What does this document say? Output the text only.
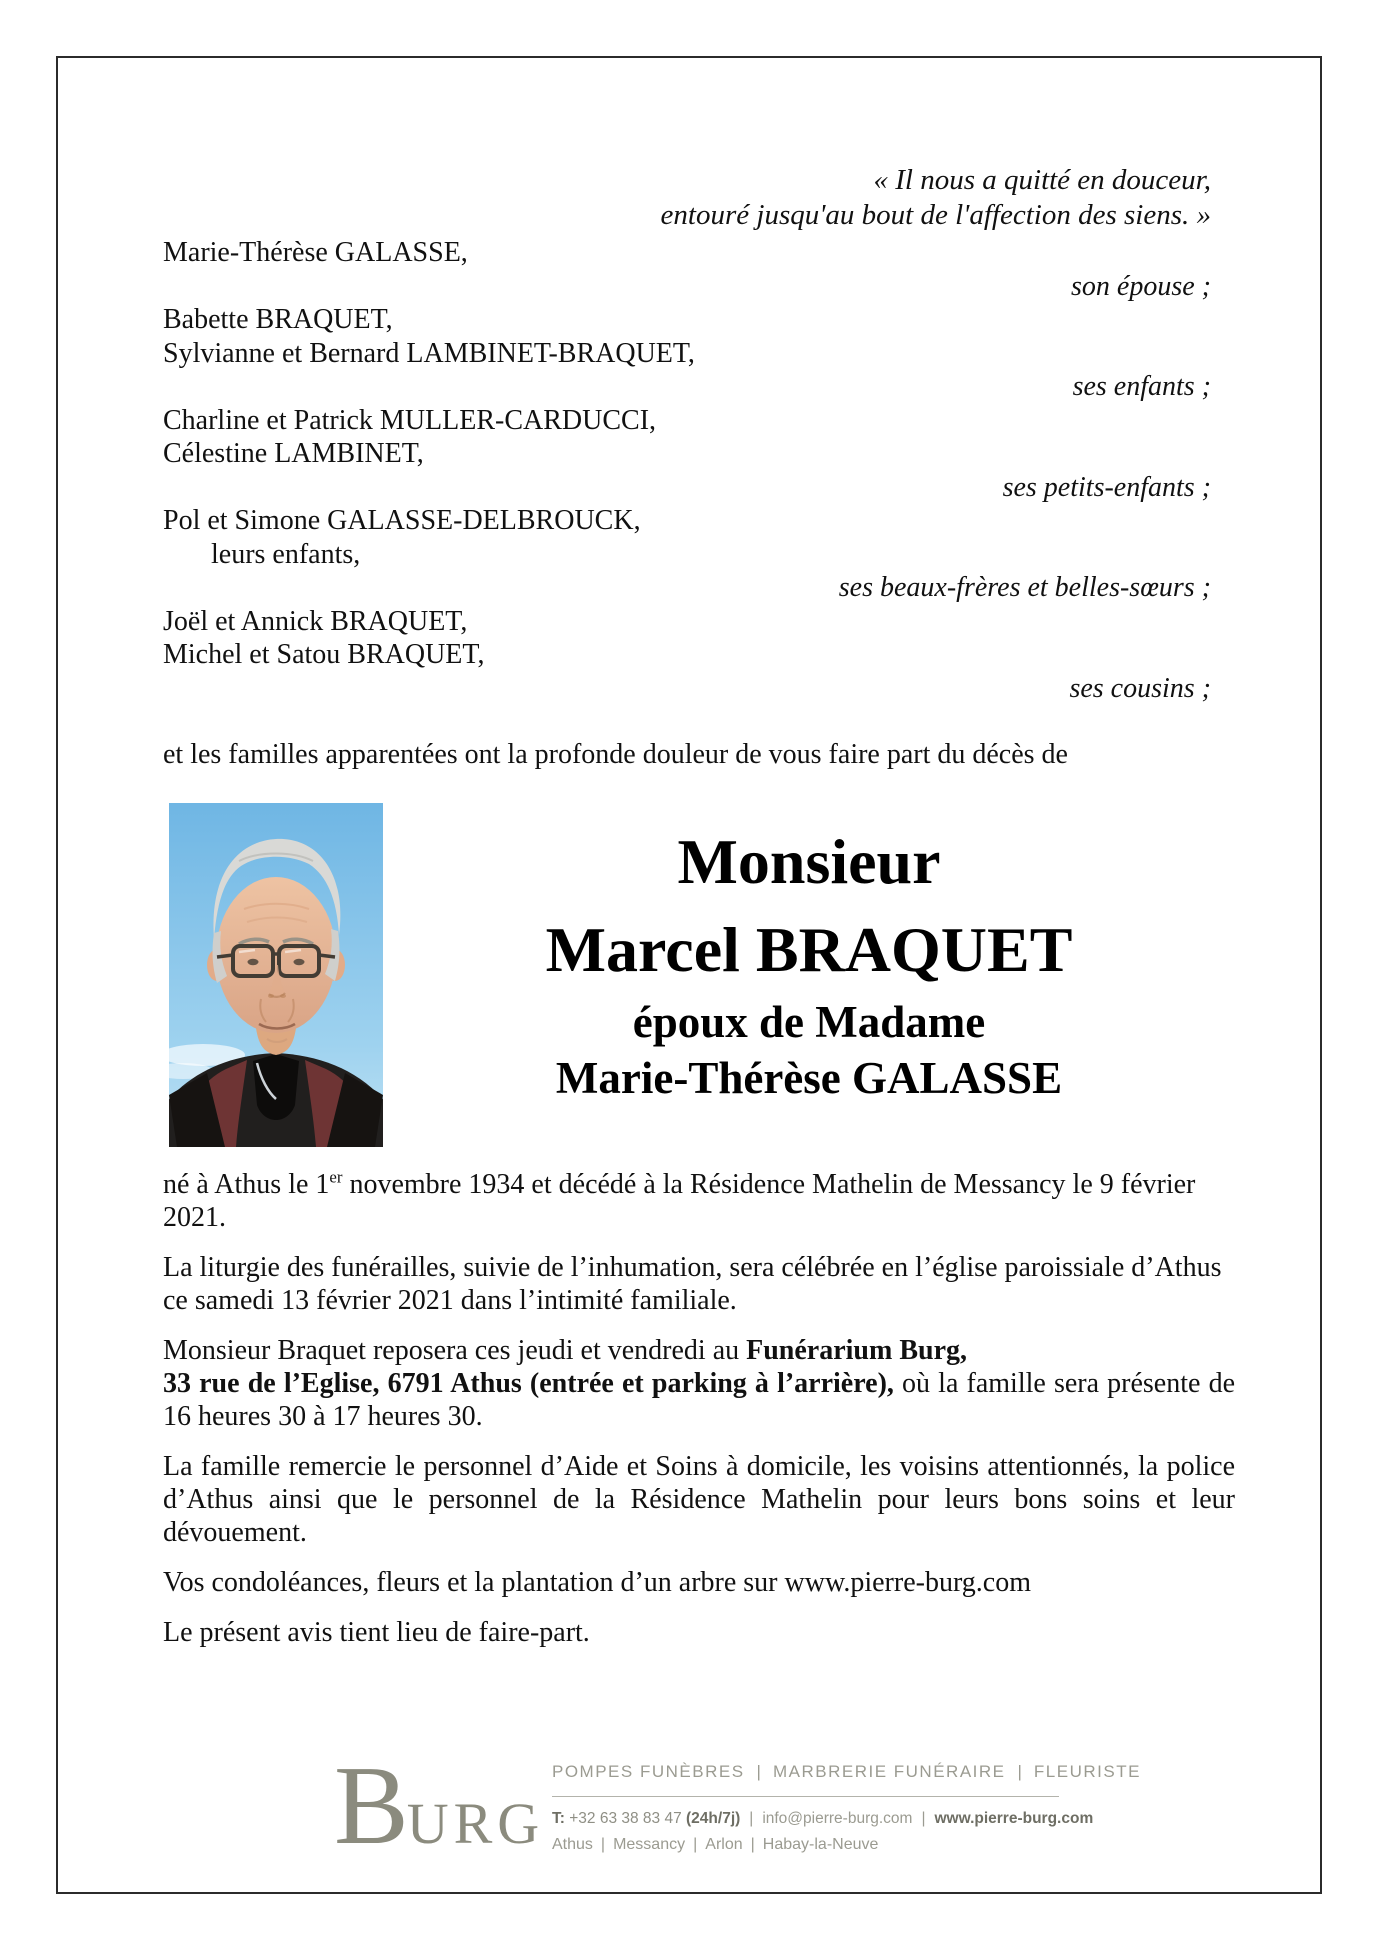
« Il nous a quitté en douceur,
entouré jusqu'au bout de l'affection des siens. »
Marie-Thérèse GALASSE,
son épouse ;
Babette BRAQUET,
Sylvianne et Bernard LAMBINET-BRAQUET,
ses enfants ;
Charline et Patrick MULLER-CARDUCCI,
Célestine LAMBINET,
ses petits-enfants ;
Pol et Simone GALASSE-DELBROUCK,
leurs enfants,
ses beaux-frères et belles-sœurs ;
Joël et Annick BRAQUET,
Michel et Satou BRAQUET,
ses cousins ;
et les familles apparentées ont la profonde douleur de vous faire part du décès de
Monsieur
Marcel BRAQUET
époux de Madame
Marie-Thérèse GALASSE

né à Athus le 1er novembre 1934 et décédé à la Résidence Mathelin de Messancy le 9 février 2021.

La liturgie des funérailles, suivie de l’inhumation, sera célébrée en l’église paroissiale d’Athus ce samedi 13 février 2021 dans l’intimité familiale.

Monsieur Braquet reposera ces jeudi et vendredi au Funérarium Burg,
33 rue de l’Eglise, 6791 Athus (entrée et parking à l’arrière), où la famille sera présente de 16 heures 30 à 17 heures 30.

La famille remercie le personnel d’Aide et Soins à domicile, les voisins attentionnés, la police d’Athus ainsi que le personnel de la Résidence Mathelin pour leurs bons soins et leur dévouement.

Vos condoléances, fleurs et la plantation d’un arbre sur www.pierre-burg.com

Le présent avis tient lieu de faire-part.

B
URG
POMPES FUNÈBRES | MARBRERIE FUNÉRAIRE | FLEURISTE
T: +32 63 38 83 47 (24h/7j) | info@pierre-burg.com | www.pierre-burg.com
Athus | Messancy | Arlon | Habay-la-Neuve
